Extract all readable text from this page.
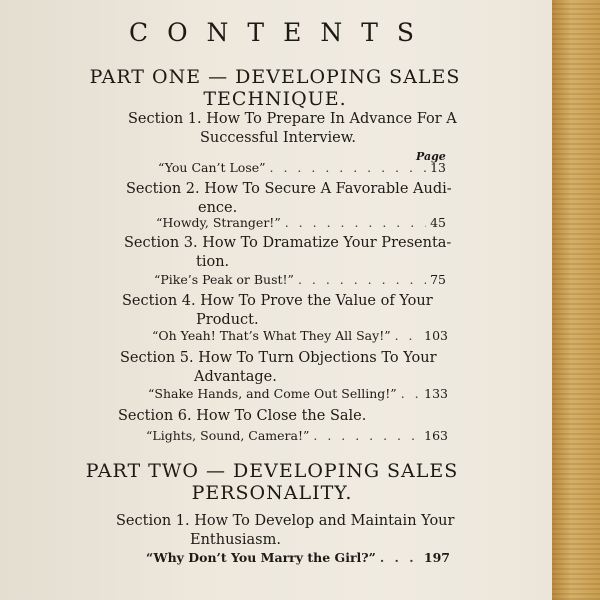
CONTENTS
PART ONE — DEVELOPING SALES
TECHNIQUE.
Section 1. How To Prepare In Advance For A
Successful Interview.
Page
“You Can’t Lose” . . .	13
Section 2. How To Secure A Favorable Audi-
ence.
“Howdy, Stranger!” . . .	45
Section 3. How To Dramatize Your Presenta-
tion.
“Pike’s Peak or Bust!” . . .	75
Section 4. How To Prove the Value of Your
Product.
“Oh Yeah! That’s What They All Say!” . . .	103
Section 5. How To Turn Objections To Your
Advantage.
“Shake Hands, and Come Out Selling!” . . . 133
Section 6. How To Close the Sale.
“Lights, Sound, Camera!” . . .	163
PART TWO — DEVELOPING SALES
PERSONALITY.
Section 1. How To Develop and Maintain Your
Enthusiasm.
“Why Don’t You Marry the Girl?” . . .	197
